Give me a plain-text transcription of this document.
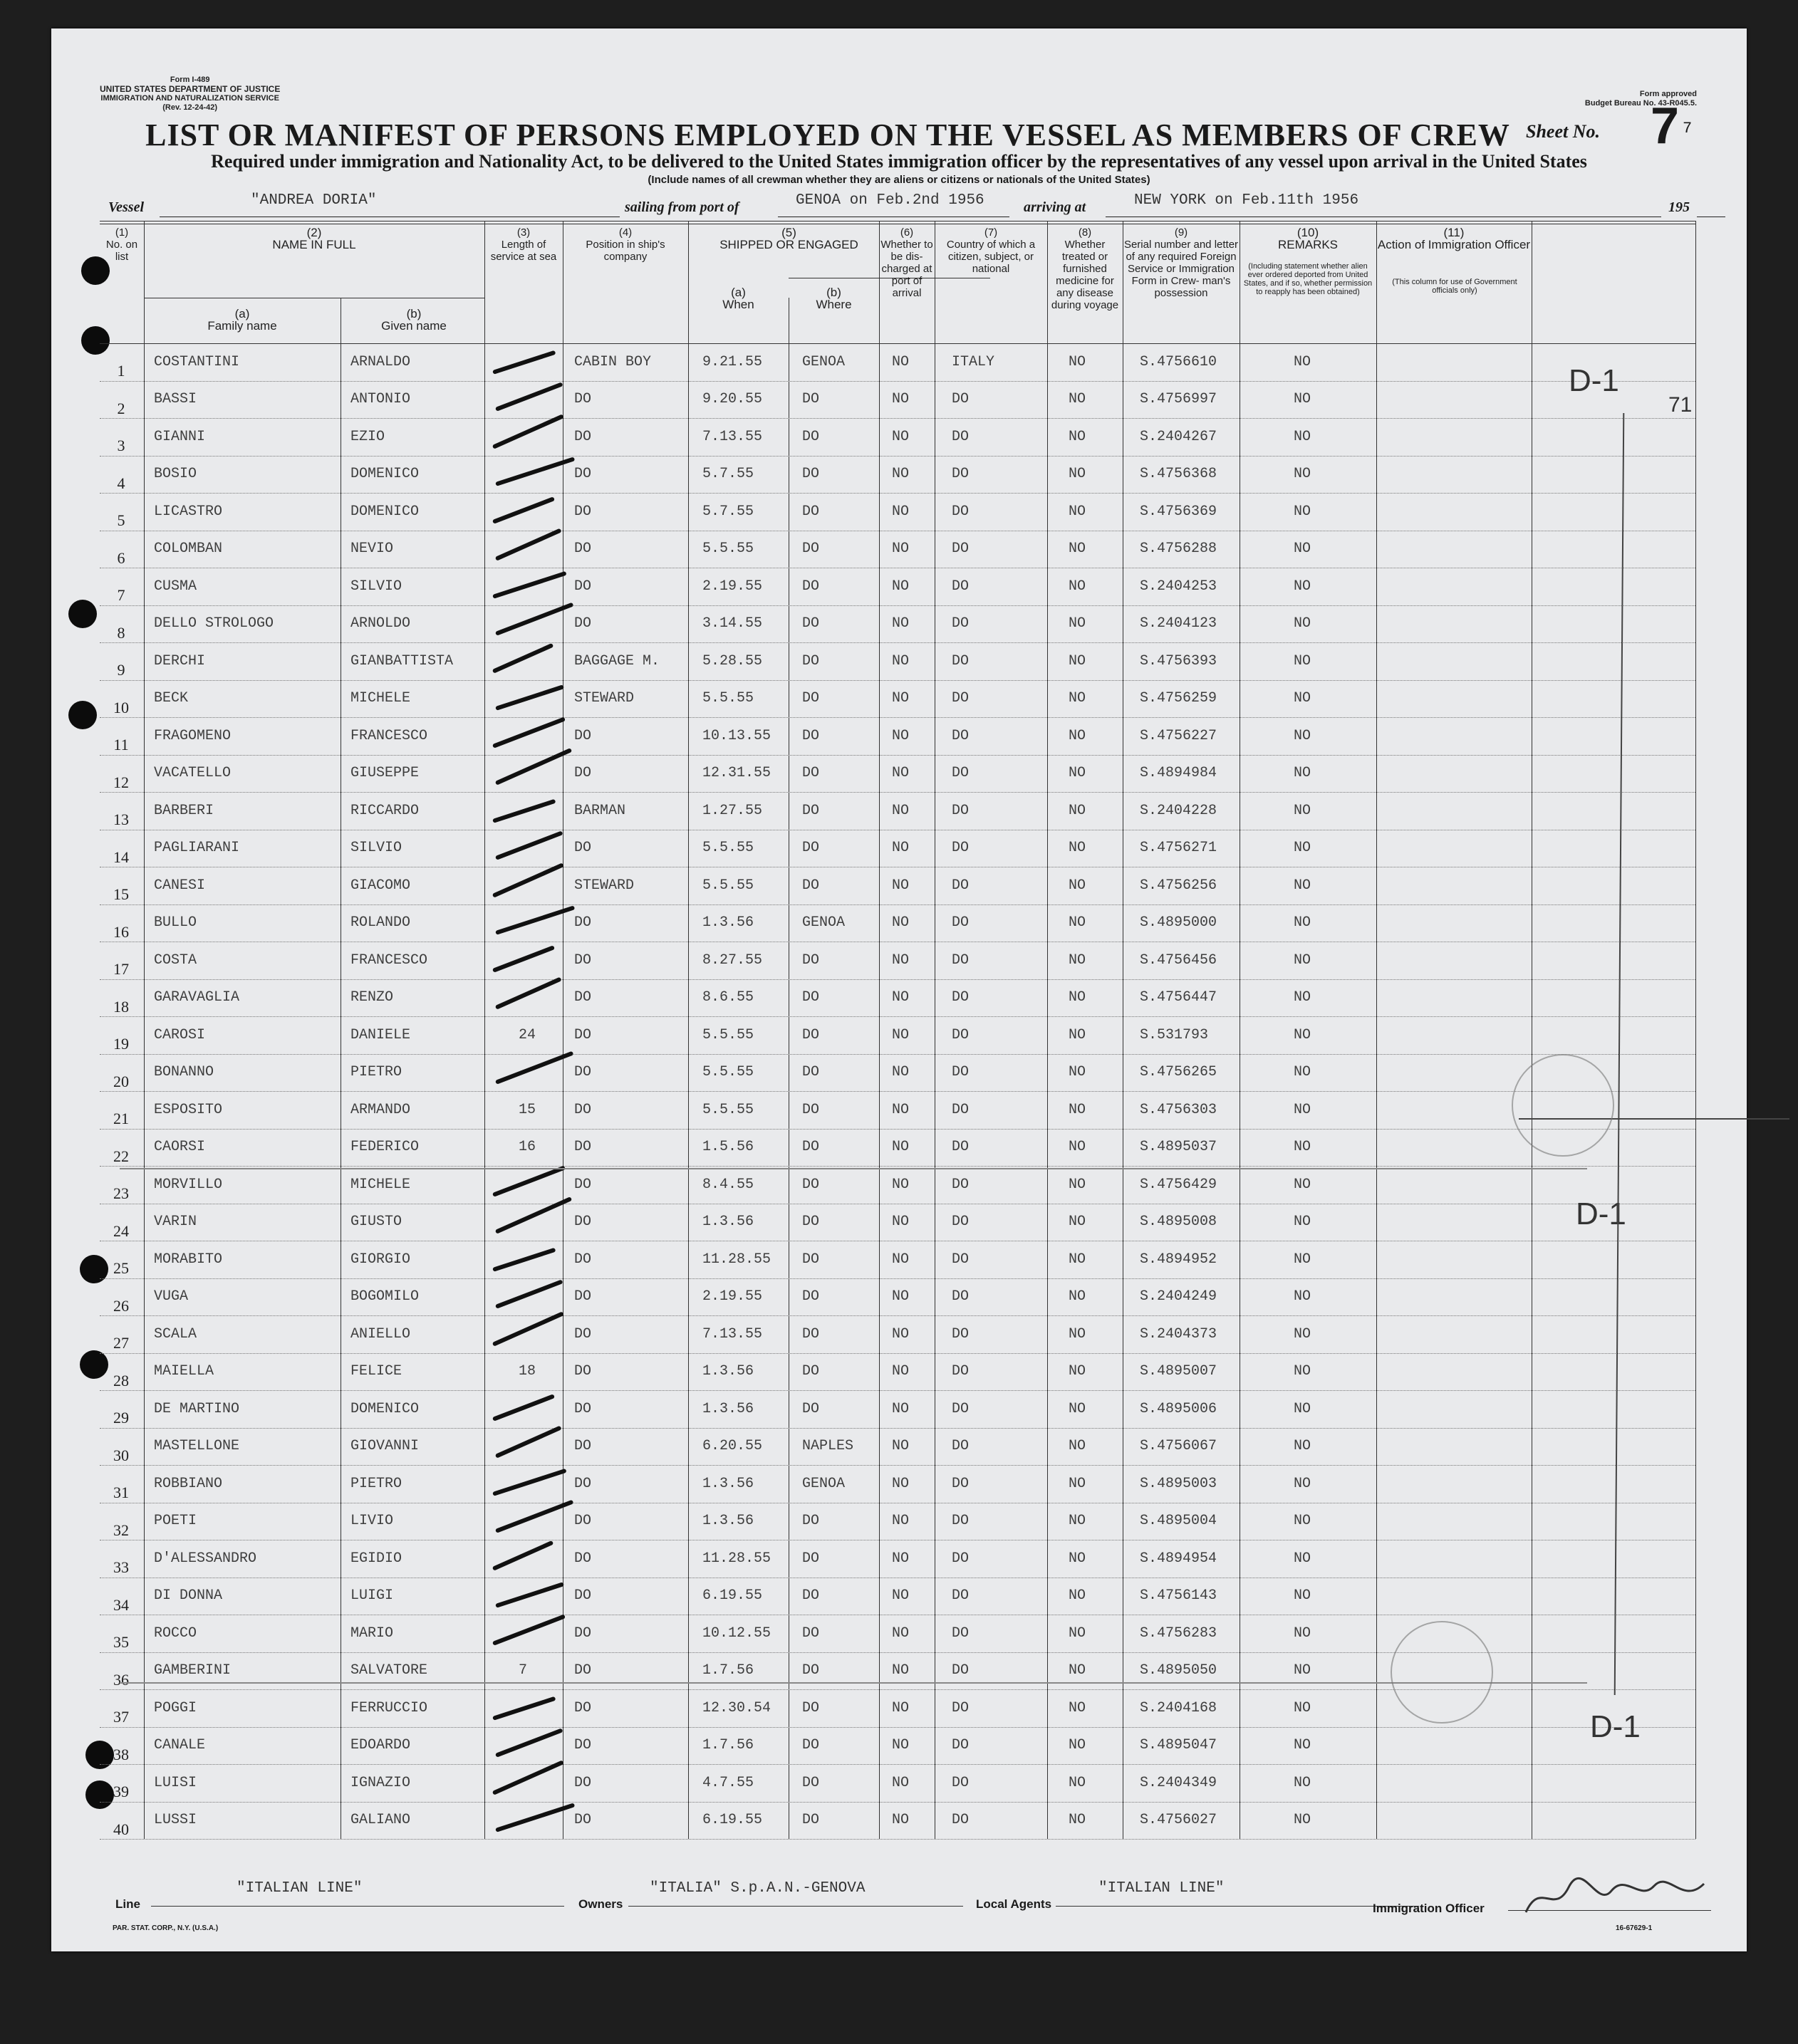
Form I-489
UNITED STATES DEPARTMENT OF JUSTICE
IMMIGRATION AND NATURALIZATION SERVICE
(Rev. 12-24-42)
Form approved
Budget Bureau No. 43-R045.5.
LIST OR MANIFEST OF PERSONS EMPLOYED ON THE VESSEL AS MEMBERS OF CREW Sheet No. 7 7
Required under immigration and Nationality Act, to be delivered to the United States immigration officer by the representatives of any vessel upon arrival in the United States
(Include names of all crewman whether they are aliens or citizens or nationals of the United States)
Vessel	"ANDREA DORIA"	sailing from port of	GENOA on Feb.2nd 1956	arriving at	NEW YORK on Feb.11th 1956	195
(1)
No. on list
(2)
NAME IN FULL
(a)
Family name
(b)
Given name
(3)
Length of service at sea
(4)
Position in ship's company
(5)
SHIPPED OR ENGAGED
(a)
When
(b)
Where
(6)
Whether to be dis- charged at port of arrival
(7)
Country of which a citizen, subject, or national
(8)
Whether treated or furnished medicine for any disease during voyage
(9)
Serial number and letter of any required Foreign Service or Immigration Form in Crew- man's possession
(10)
REMARKS
(11)
Action of Immigration Officer
(Including statement whether alien ever ordered deported from United States, and if so, whether permission to reapply has been obtained)
(This column for use of Government officials only)
1
COSTANTINI	ARNALDO	CABIN BOY	9.21.55	GENOA	NO	ITALY	NO	S.4756610	NO
2
BASSI	ANTONIO	DO	9.20.55	DO	NO	DO	NO	S.4756997	NO
3
GIANNI	EZIO	DO	7.13.55	DO	NO	DO	NO	S.2404267	NO
4
BOSIO	DOMENICO	DO	5.7.55	DO	NO	DO	NO	S.4756368	NO
5
LICASTRO	DOMENICO	DO	5.7.55	DO	NO	DO	NO	S.4756369	NO
6
COLOMBAN	NEVIO	DO	5.5.55	DO	NO	DO	NO	S.4756288	NO
7
CUSMA	SILVIO	DO	2.19.55	DO	NO	DO	NO	S.2404253	NO
8
DELLO STROLOGO	ARNOLDO	DO	3.14.55	DO	NO	DO	NO	S.2404123	NO
9
DERCHI	GIANBATTISTA	BAGGAGE M.	5.28.55	DO	NO	DO	NO	S.4756393	NO
10
BECK	MICHELE	STEWARD	5.5.55	DO	NO	DO	NO	S.4756259	NO
11
FRAGOMENO	FRANCESCO	DO	10.13.55 DO	NO	DO	NO	S.4756227	NO
12
VACATELLO	GIUSEPPE	DO	12.31.55 DO	NO	DO	NO	S.4894984	NO
13
BARBERI	RICCARDO	BARMAN	1.27.55	DO	NO	DO	NO	S.2404228	NO
14
PAGLIARANI	SILVIO	DO	5.5.55	DO	NO	DO	NO	S.4756271	NO
15
CANESI	GIACOMO	STEWARD	5.5.55	DO	NO	DO	NO	S.4756256	NO
16
BULLO	ROLANDO	DO	1.3.56	GENOA	NO	DO	NO	S.4895000	NO
17
COSTA	FRANCESCO	DO	8.27.55	DO	NO	DO	NO	S.4756456	NO
18
GARAVAGLIA	RENZO	DO	8.6.55	DO	NO	DO	NO	S.4756447	NO
19
CAROSI	DANIELE	24	DO	5.5.55	DO	NO	DO	NO	S.531793	NO
20
BONANNO	PIETRO	DO	5.5.55	DO	NO	DO	NO	S.4756265	NO
21
ESPOSITO	ARMANDO	15	DO	5.5.55	DO	NO	DO	NO	S.4756303	NO
22
CAORSI	FEDERICO	16	DO	1.5.56	DO	NO	DO	NO	S.4895037	NO
23
MORVILLO	MICHELE	DO	8.4.55	DO	NO	DO	NO	S.4756429	NO
24
VARIN	GIUSTO	DO	1.3.56	DO	NO	DO	NO	S.4895008	NO
25
MORABITO	GIORGIO	DO	11.28.55 DO	NO	DO	NO	S.4894952	NO
26
VUGA	BOGOMILO	DO	2.19.55	DO	NO	DO	NO	S.2404249	NO
27
SCALA	ANIELLO	DO	7.13.55	DO	NO	DO	NO	S.2404373	NO
28
MAIELLA	FELICE	18	DO	1.3.56	DO	NO	DO	NO	S.4895007	NO
29
DE MARTINO	DOMENICO	DO	1.3.56	DO	NO	DO	NO	S.4895006	NO
30
MASTELLONE	GIOVANNI	DO	6.20.55	NAPLES	NO	DO	NO	S.4756067	NO
31
ROBBIANO	PIETRO	DO	1.3.56	GENOA	NO	DO	NO	S.4895003	NO
32
POETI	LIVIO	DO	1.3.56	DO	NO	DO	NO	S.4895004	NO
33
D'ALESSANDRO	EGIDIO	DO	11.28.55 DO	NO	DO	NO	S.4894954	NO
34
DI DONNA	LUIGI	DO	6.19.55	DO	NO	DO	NO	S.4756143	NO
35
ROCCO	MARIO	DO	10.12.55 DO	NO	DO	NO	S.4756283	NO
36
GAMBERINI	SALVATORE	7	DO	1.7.56	DO	NO	DO	NO	S.4895050	NO
37
POGGI	FERRUCCIO	DO	12.30.54 DO	NO	DO	NO	S.2404168	NO
38
CANALE	EDOARDO	DO	1.7.56	DO	NO	DO	NO	S.4895047	NO
39
LUISI	IGNAZIO	DO	4.7.55	DO	NO	DO	NO	S.2404349	NO
40
LUSSI	GALIANO	DO	6.19.55	DO	NO	DO	NO	S.4756027	NO
D-1
71
D-1
D-1
Line
"ITALIAN LINE"
Owners
"ITALIA" S.p.A.N.-GENOVA
Local Agents
"ITALIAN LINE"
Immigration Officer
PAR. STAT. CORP., N.Y. (U.S.A.)	16-67629-1
